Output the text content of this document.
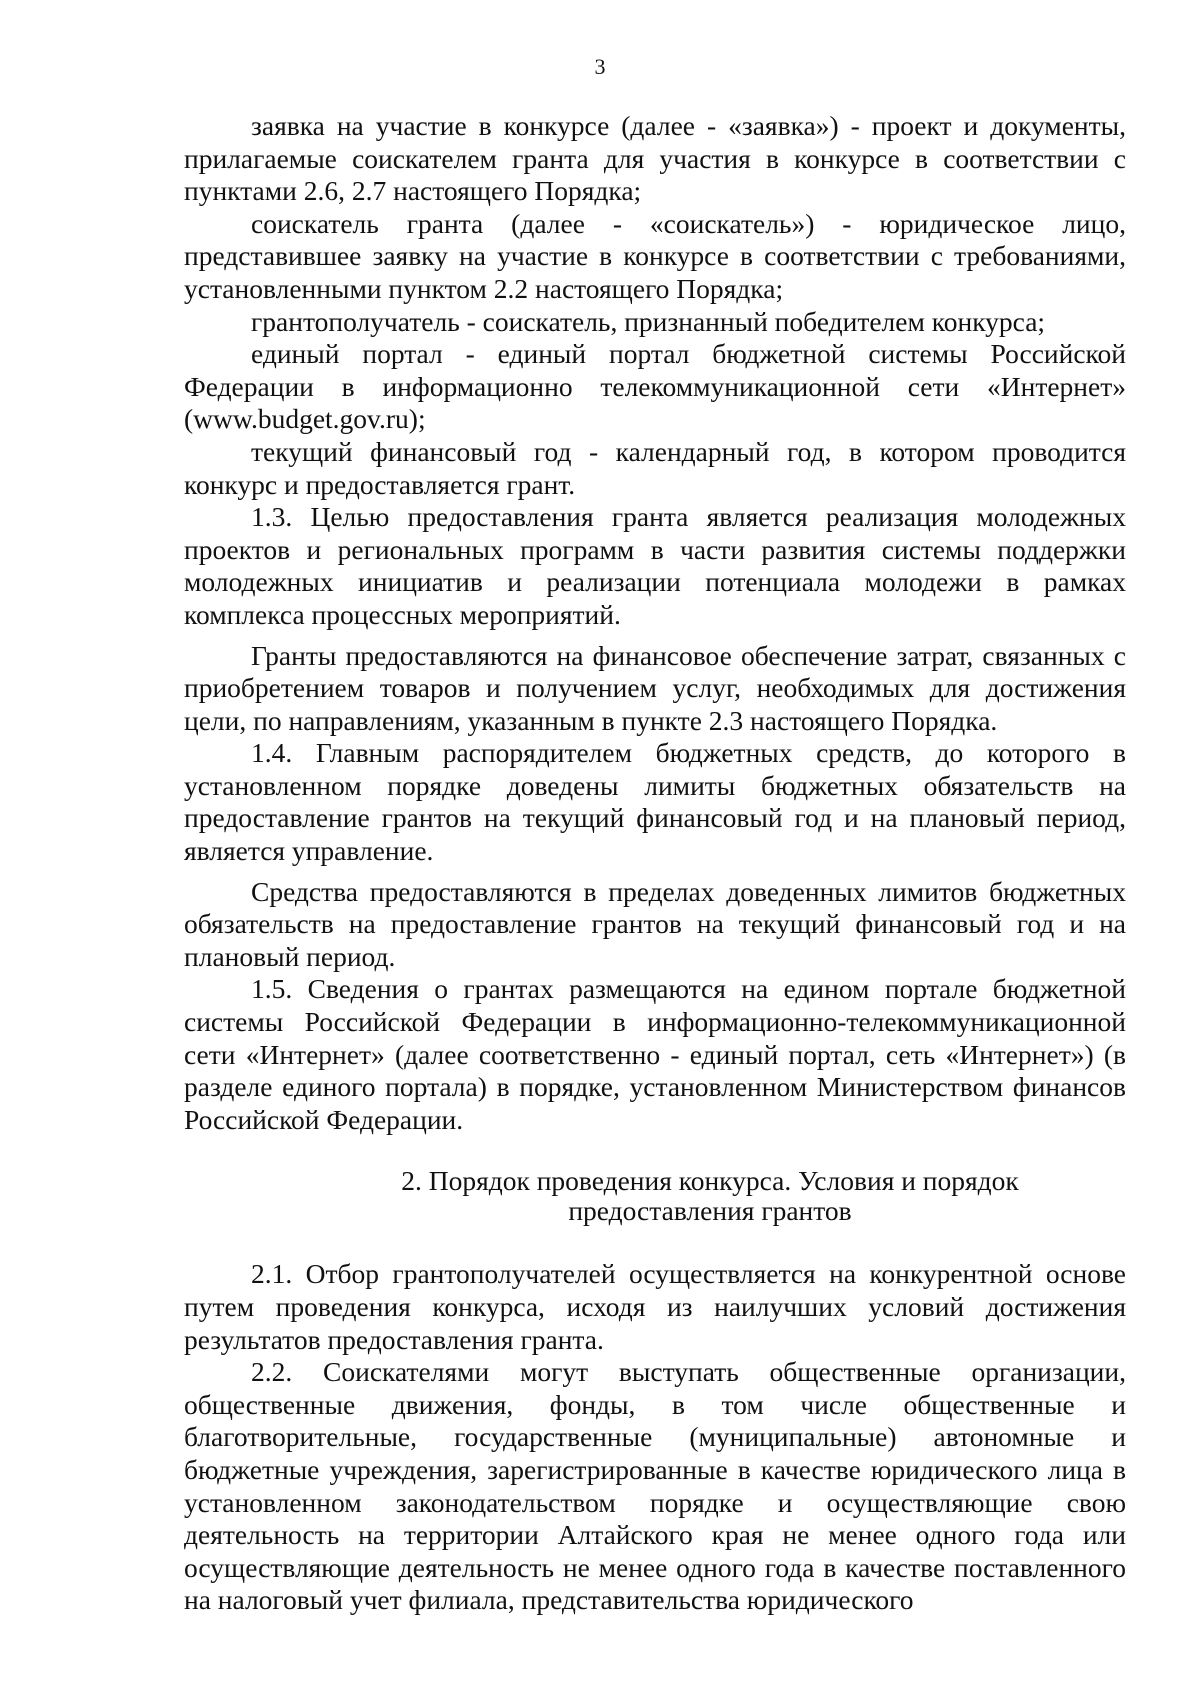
3

заявка на участие в конкурсе (далее - «заявка») - проект и документы, прилагаемые соискателем гранта для участия в конкурсе в соответствии с пунктами 2.6, 2.7 настоящего Порядка;

соискатель гранта (далее - «соискатель») - юридическое лицо, представившее заявку на участие в конкурсе в соответствии с требованиями, установленными пунктом 2.2 настоящего Порядка;

грантополучатель - соискатель, признанный победителем конкурса;

единый портал - единый портал бюджетной системы Российской Федерации в информационно телекоммуникационной сети «Интернет» (www.budget.gov.ru);

текущий финансовый год - календарный год, в котором проводится конкурс и предоставляется грант.

1.3. Целью предоставления гранта является реализация молодежных проектов и региональных программ в части развития системы поддержки молодежных инициатив и реализации потенциала молодежи в рамках комплекса процессных мероприятий.

Гранты предоставляются на финансовое обеспечение затрат, связанных с приобретением товаров и получением услуг, необходимых для достижения цели, по направлениям, указанным в пункте 2.3 настоящего Порядка.

1.4. Главным распорядителем бюджетных средств, до которого в установленном порядке доведены лимиты бюджетных обязательств на предоставление грантов на текущий финансовый год и на плановый период, является управление.

Средства предоставляются в пределах доведенных лимитов бюджетных обязательств на предоставление грантов на текущий финансовый год и на плановый период.

1.5. Сведения о грантах размещаются на едином портале бюджетной системы Российской Федерации в информационно-телекоммуникационной сети «Интернет» (далее соответственно - единый портал, сеть «Интернет») (в разделе единого портала) в порядке, установленном Министерством финансов Российской Федерации.

2. Порядок проведения конкурса. Условия и порядок
предоставления грантов

2.1. Отбор грантополучателей осуществляется на конкурентной основе путем проведения конкурса, исходя из наилучших условий достижения результатов предоставления гранта.

2.2. Соискателями могут выступать общественные организации, общественные движения, фонды, в том числе общественные и благотворительные, государственные (муниципальные) автономные и бюджетные учреждения, зарегистрированные в качестве юридического лица в установленном законодательством порядке и осуществляющие свою деятельность на территории Алтайского края не менее одного года или осуществляющие деятельность не менее одного года в качестве поставленного на налоговый учет филиала, представительства юридического
